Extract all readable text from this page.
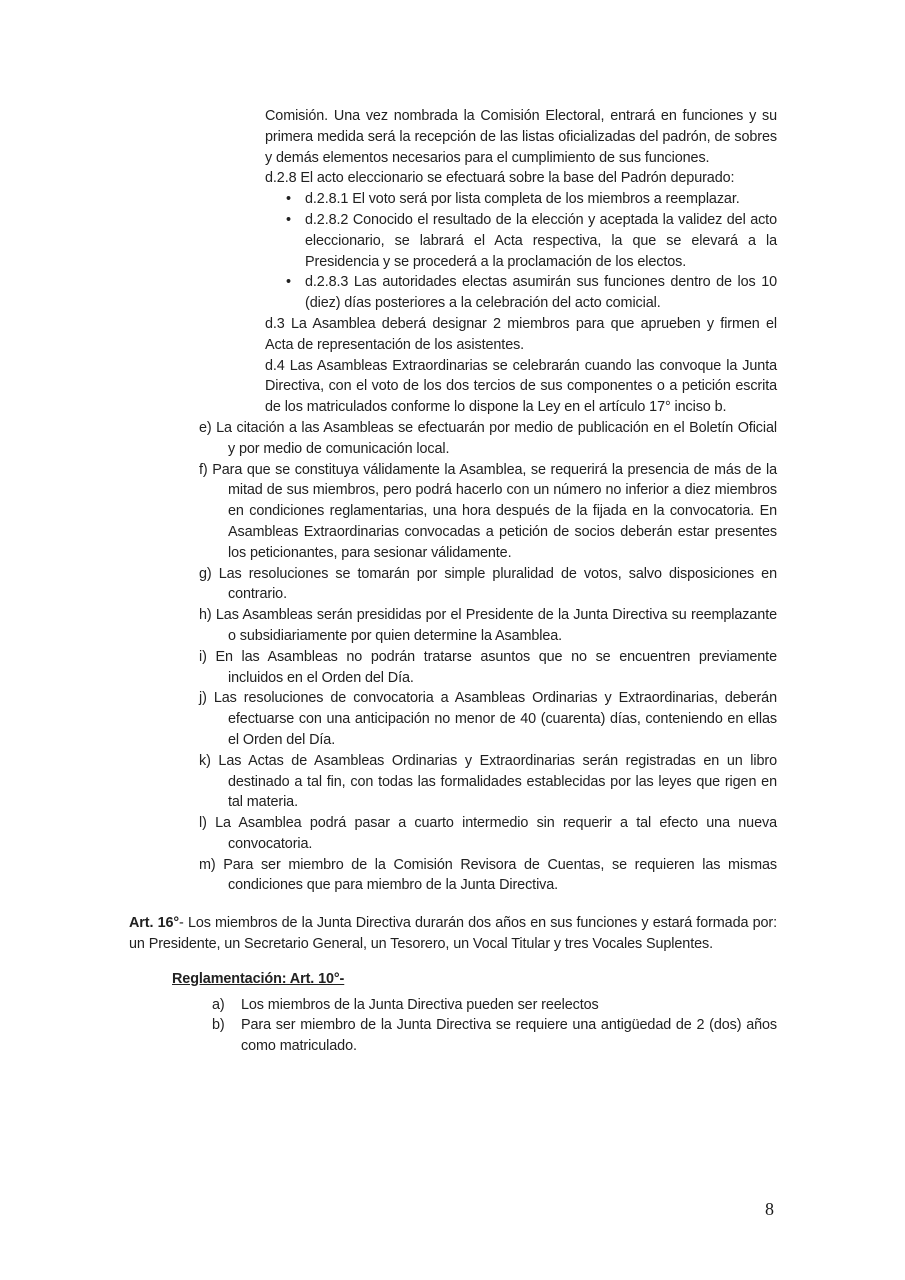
Comisión. Una vez nombrada la Comisión Electoral, entrará en funciones y su primera medida será la recepción de las listas oficializadas del padrón, de sobres y demás elementos necesarios para el cumplimiento de sus funciones.

d.2.8 El acto eleccionario se efectuará sobre la base del Padrón depurado:

• d.2.8.1 El voto será por lista completa de los miembros a reemplazar.
• d.2.8.2 Conocido el resultado de la elección y aceptada la validez del acto eleccionario, se labrará el Acta respectiva, la que se elevará a la Presidencia y se procederá a la proclamación de los electos.
• d.2.8.3 Las autoridades electas asumirán sus funciones dentro de los 10 (diez) días posteriores a la celebración del acto comicial.

d.3 La Asamblea deberá designar 2 miembros para que aprueben y firmen el Acta de representación de los asistentes.

d.4 Las Asambleas Extraordinarias se celebrarán cuando las convoque la Junta Directiva, con el voto de los dos tercios de sus componentes o a petición escrita de los matriculados conforme lo dispone la Ley en el artículo 17° inciso b.

e) La citación a las Asambleas se efectuarán por medio de publicación en el Boletín Oficial y por medio de comunicación local.

f) Para que se constituya válidamente la Asamblea, se requerirá la presencia de más de la mitad de sus miembros, pero podrá hacerlo con un número no inferior a diez miembros en condiciones reglamentarias, una hora después de la fijada en la convocatoria. En Asambleas Extraordinarias convocadas a petición de socios deberán estar presentes los peticionantes, para sesionar válidamente.

g) Las resoluciones se tomarán por simple pluralidad de votos, salvo disposiciones en contrario.

h) Las Asambleas serán presididas por el Presidente de la Junta Directiva su reemplazante o subsidiariamente por quien determine la Asamblea.

i) En las Asambleas no podrán tratarse asuntos que no se encuentren previamente incluidos en el Orden del Día.

j) Las resoluciones de convocatoria a Asambleas Ordinarias y Extraordinarias, deberán efectuarse con una anticipación no menor de 40 (cuarenta) días, conteniendo en ellas el Orden del Día.

k) Las Actas de Asambleas Ordinarias y Extraordinarias serán registradas en un libro destinado a tal fin, con todas las formalidades establecidas por las leyes que rigen en tal materia.

l) La Asamblea podrá pasar a cuarto intermedio sin requerir a tal efecto una nueva convocatoria.

m) Para ser miembro de la Comisión Revisora de Cuentas, se requieren las mismas condiciones que para miembro de la Junta Directiva.

Art. 16°- Los miembros de la Junta Directiva durarán dos años en sus funciones y estará formada por: un Presidente, un Secretario General, un Tesorero, un Vocal Titular y tres Vocales Suplentes.

Reglamentación: Art. 10°-

a) Los miembros de la Junta Directiva pueden ser reelectos
b) Para ser miembro de la Junta Directiva se requiere una antigüedad de 2 (dos) años como matriculado.
8
